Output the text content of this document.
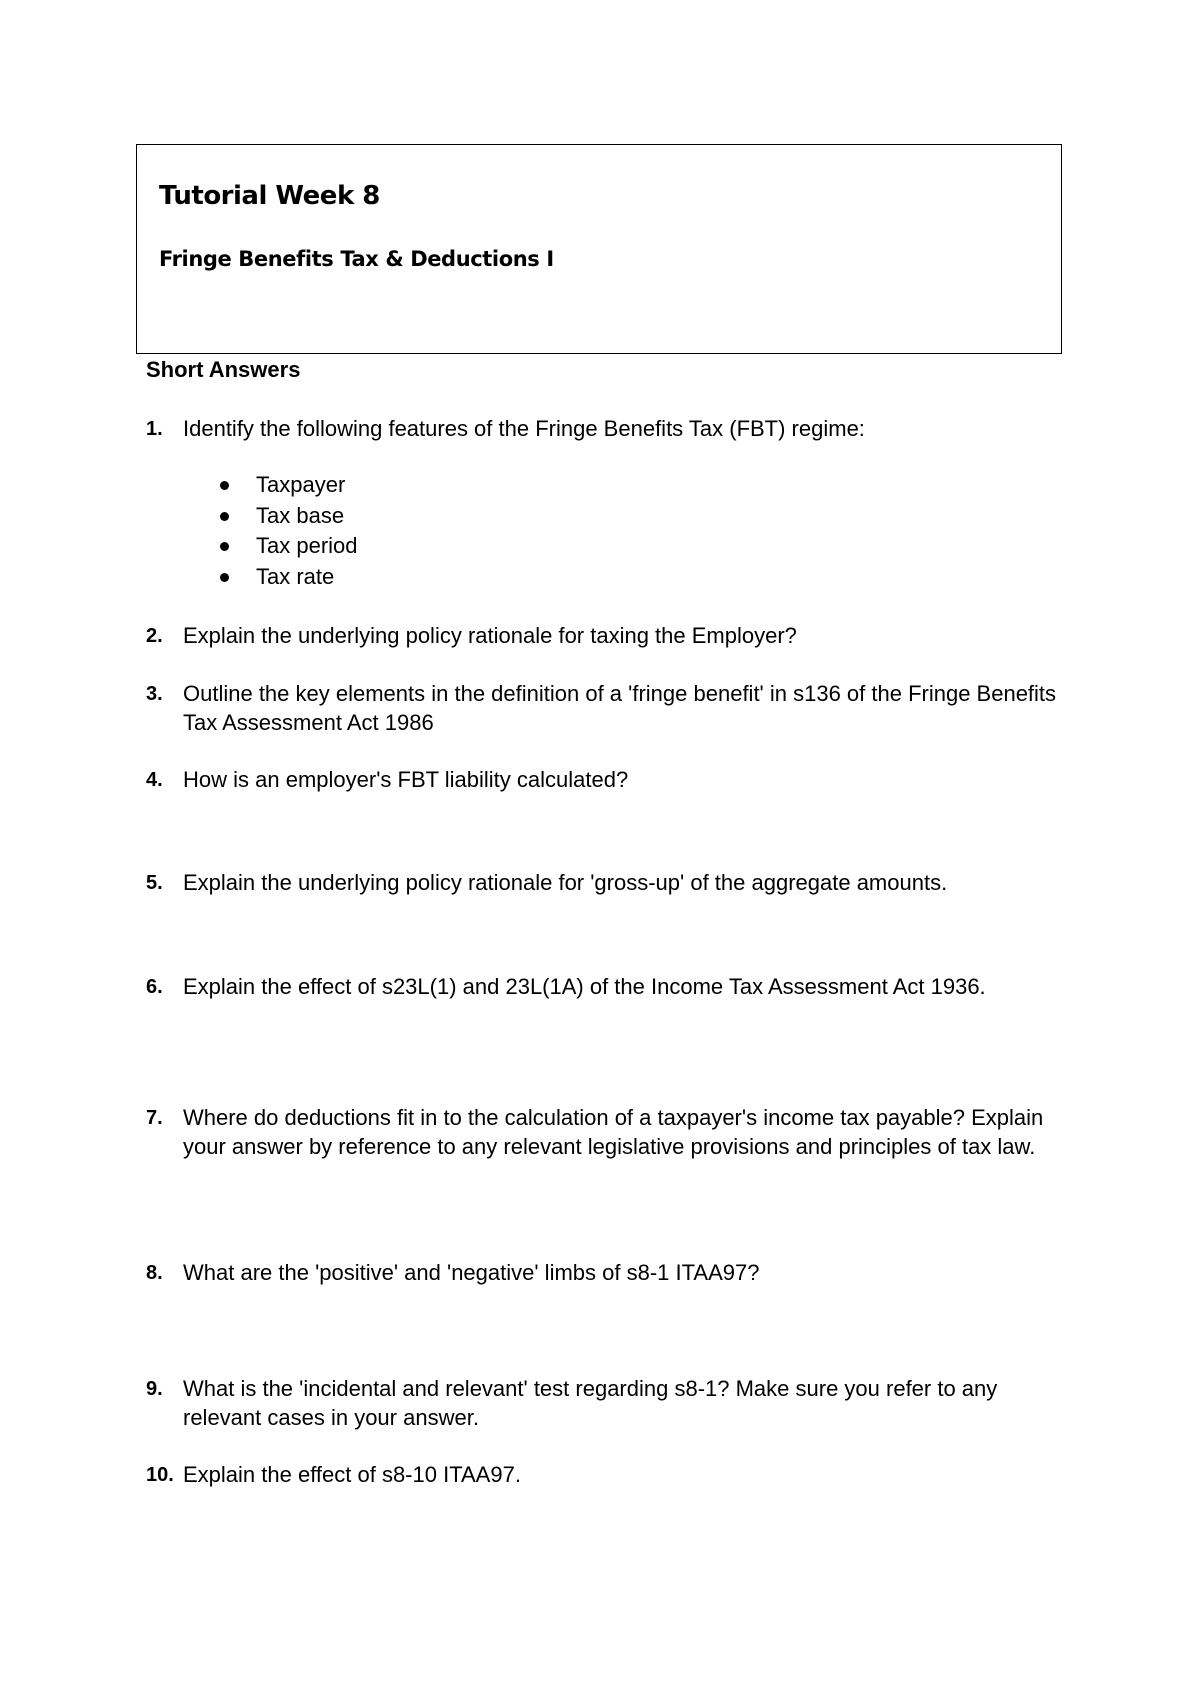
Tutorial Week 8
Fringe Benefits Tax & Deductions I
Short Answers
1. Identify the following features of the Fringe Benefits Tax (FBT) regime:
Taxpayer
Tax base
Tax period
Tax rate
2. Explain the underlying policy rationale for taxing the Employer?
3. Outline the key elements in the definition of a 'fringe benefit' in s136 of the Fringe Benefits Tax Assessment Act 1986
4. How is an employer's FBT liability calculated?
5. Explain the underlying policy rationale for 'gross-up' of the aggregate amounts.
6. Explain the effect of s23L(1) and 23L(1A) of the Income Tax Assessment Act 1936.
7. Where do deductions fit in to the calculation of a taxpayer's income tax payable? Explain your answer by reference to any relevant legislative provisions and principles of tax law.
8. What are the 'positive' and 'negative' limbs of s8-1 ITAA97?
9. What is the 'incidental and relevant' test regarding s8-1? Make sure you refer to any relevant cases in your answer.
10. Explain the effect of s8-10 ITAA97.
